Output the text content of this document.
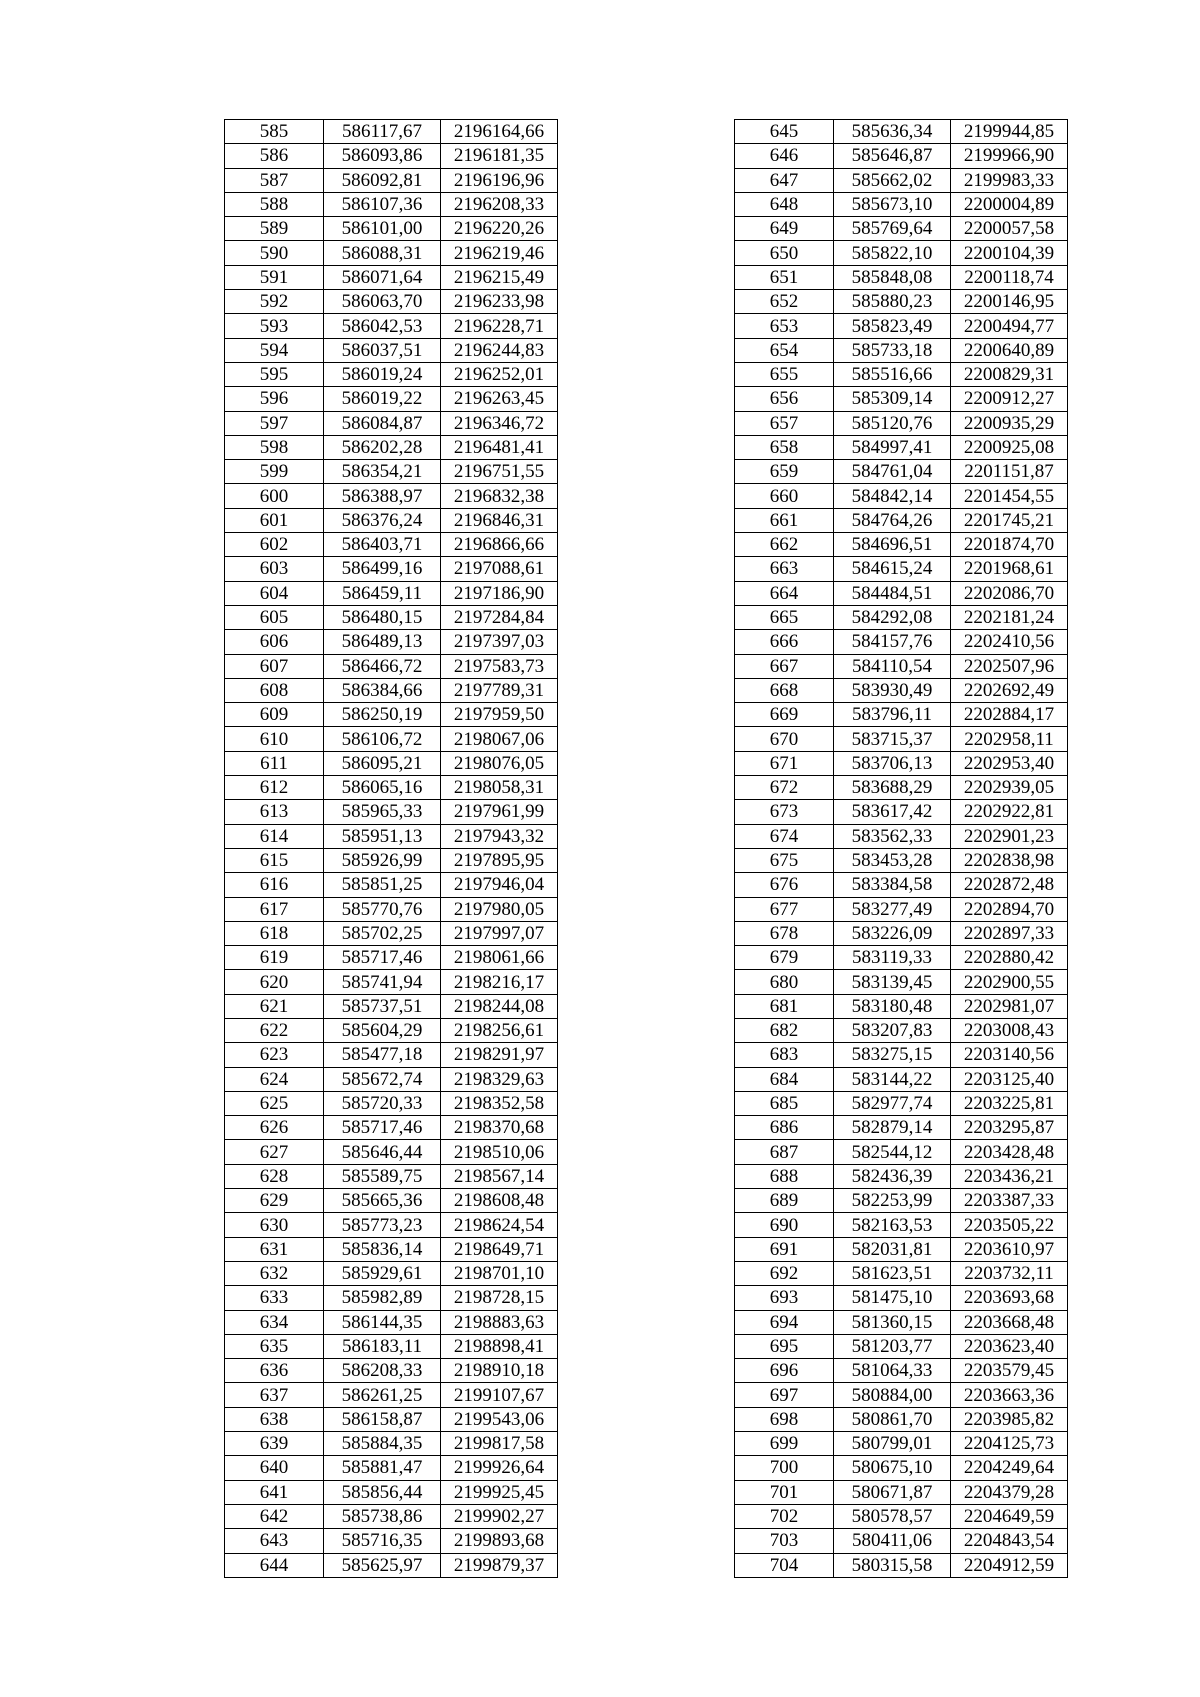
585	586117,67	2196164,66
586	586093,86	2196181,35
587	586092,81	2196196,96
588	586107,36	2196208,33
589	586101,00	2196220,26
590	586088,31	2196219,46
591	586071,64	2196215,49
592	586063,70	2196233,98
593	586042,53	2196228,71
594	586037,51	2196244,83
595	586019,24	2196252,01
596	586019,22	2196263,45
597	586084,87	2196346,72
598	586202,28	2196481,41
599	586354,21	2196751,55
600	586388,97	2196832,38
601	586376,24	2196846,31
602	586403,71	2196866,66
603	586499,16	2197088,61
604	586459,11	2197186,90
605	586480,15	2197284,84
606	586489,13	2197397,03
607	586466,72	2197583,73
608	586384,66	2197789,31
609	586250,19	2197959,50
610	586106,72	2198067,06
611	586095,21	2198076,05
612	586065,16	2198058,31
613	585965,33	2197961,99
614	585951,13	2197943,32
615	585926,99	2197895,95
616	585851,25	2197946,04
617	585770,76	2197980,05
618	585702,25	2197997,07
619	585717,46	2198061,66
620	585741,94	2198216,17
621	585737,51	2198244,08
622	585604,29	2198256,61
623	585477,18	2198291,97
624	585672,74	2198329,63
625	585720,33	2198352,58
626	585717,46	2198370,68
627	585646,44	2198510,06
628	585589,75	2198567,14
629	585665,36	2198608,48
630	585773,23	2198624,54
631	585836,14	2198649,71
632	585929,61	2198701,10
633	585982,89	2198728,15
634	586144,35	2198883,63
635	586183,11	2198898,41
636	586208,33	2198910,18
637	586261,25	2199107,67
638	586158,87	2199543,06
639	585884,35	2199817,58
640	585881,47	2199926,64
641	585856,44	2199925,45
642	585738,86	2199902,27
643	585716,35	2199893,68
644	585625,97	2199879,37
645	585636,34	2199944,85
646	585646,87	2199966,90
647	585662,02	2199983,33
648	585673,10	2200004,89
649	585769,64	2200057,58
650	585822,10	2200104,39
651	585848,08	2200118,74
652	585880,23	2200146,95
653	585823,49	2200494,77
654	585733,18	2200640,89
655	585516,66	2200829,31
656	585309,14	2200912,27
657	585120,76	2200935,29
658	584997,41	2200925,08
659	584761,04	2201151,87
660	584842,14	2201454,55
661	584764,26	2201745,21
662	584696,51	2201874,70
663	584615,24	2201968,61
664	584484,51	2202086,70
665	584292,08	2202181,24
666	584157,76	2202410,56
667	584110,54	2202507,96
668	583930,49	2202692,49
669	583796,11	2202884,17
670	583715,37	2202958,11
671	583706,13	2202953,40
672	583688,29	2202939,05
673	583617,42	2202922,81
674	583562,33	2202901,23
675	583453,28	2202838,98
676	583384,58	2202872,48
677	583277,49	2202894,70
678	583226,09	2202897,33
679	583119,33	2202880,42
680	583139,45	2202900,55
681	583180,48	2202981,07
682	583207,83	2203008,43
683	583275,15	2203140,56
684	583144,22	2203125,40
685	582977,74	2203225,81
686	582879,14	2203295,87
687	582544,12	2203428,48
688	582436,39	2203436,21
689	582253,99	2203387,33
690	582163,53	2203505,22
691	582031,81	2203610,97
692	581623,51	2203732,11
693	581475,10	2203693,68
694	581360,15	2203668,48
695	581203,77	2203623,40
696	581064,33	2203579,45
697	580884,00	2203663,36
698	580861,70	2203985,82
699	580799,01	2204125,73
700	580675,10	2204249,64
701	580671,87	2204379,28
702	580578,57	2204649,59
703	580411,06	2204843,54
704	580315,58	2204912,59
